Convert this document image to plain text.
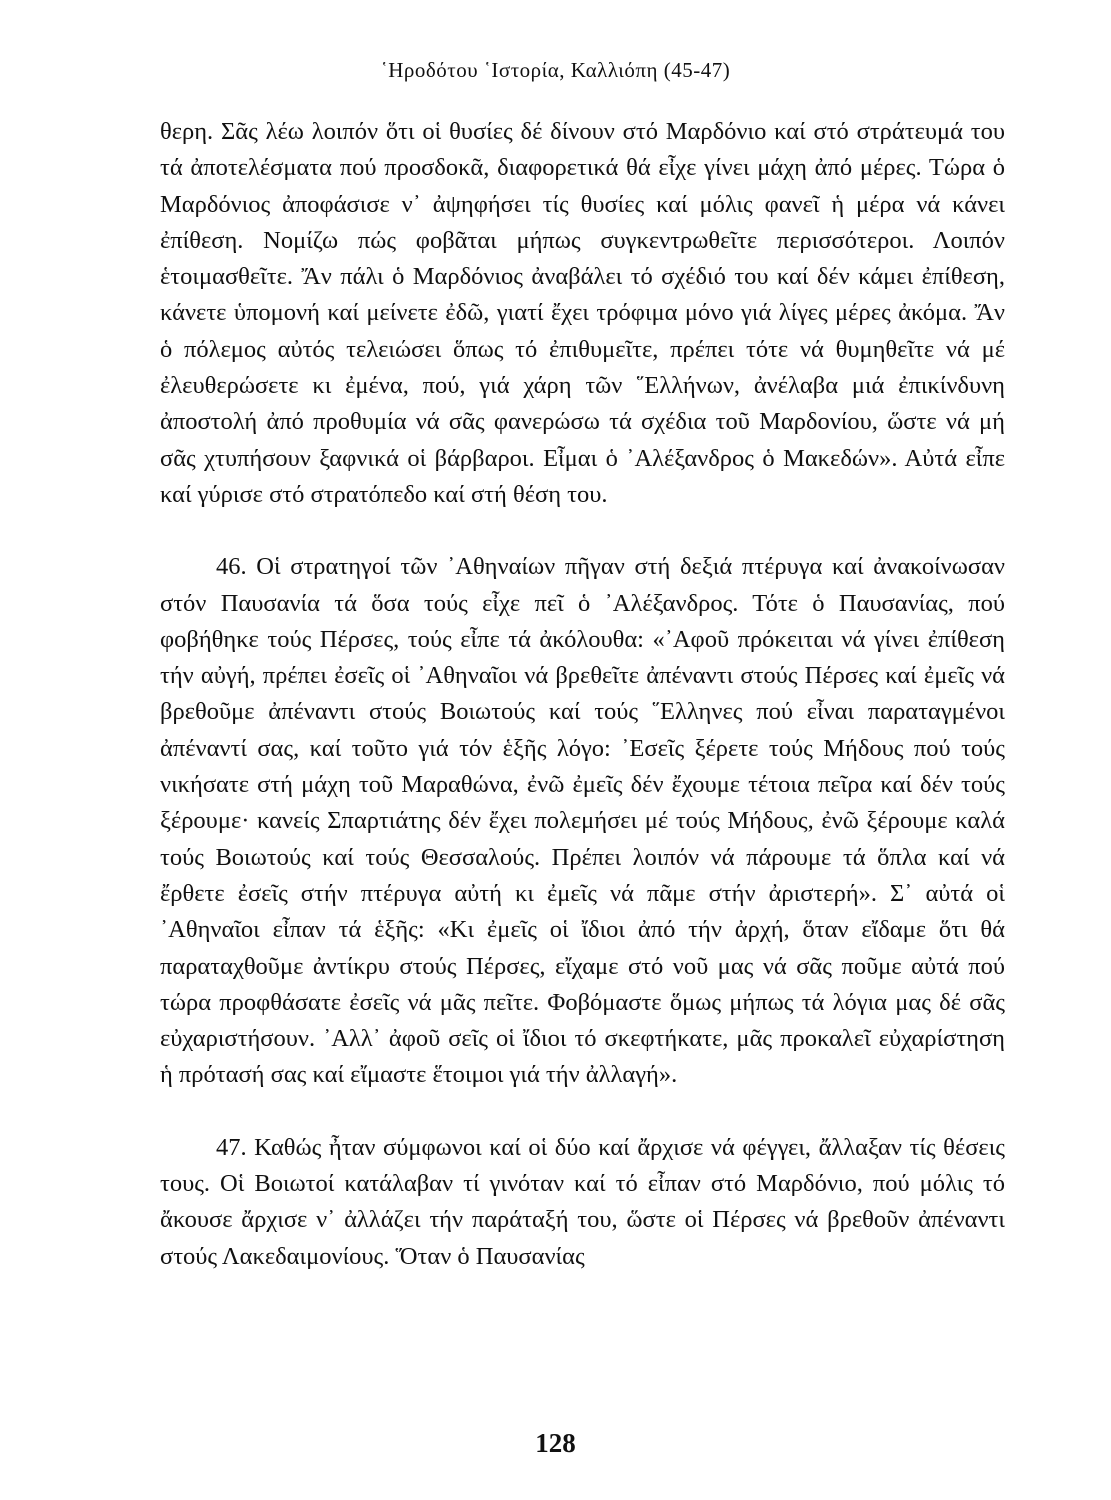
῾Ηροδότου ῾Ιστορία, Καλλιόπη (45-47)

θερη. Σᾶς λέω λοιπόν ὅτι οἱ θυσίες δέ δίνουν στό Μαρδόνιο καί στό στράτευμά του τά ἀποτελέσματα πού προσδοκᾶ, διαφορετικά θά εἶχε γίνει μάχη ἀπό μέρες. Τώρα ὁ Μαρδόνιος ἀποφάσισε ν᾽ ἀψηφήσει τίς θυσίες καί μόλις φανεῖ ἡ μέρα νά κάνει ἐπίθεση. Νομίζω πώς φοβᾶται μήπως συγκεντρωθεῖτε περισσότεροι. Λοιπόν ἑτοιμασθεῖτε. Ἄν πάλι ὁ Μαρδόνιος ἀναβάλει τό σχέδιό του καί δέν κάμει ἐπίθεση, κάνετε ὑπομονή καί μείνετε ἐδῶ, γιατί ἔχει τρόφιμα μόνο γιά λίγες μέρες ἀκόμα. Ἄν ὁ πόλεμος αὐτός τελειώσει ὅπως τό ἐπιθυμεῖτε, πρέπει τότε νά θυμηθεῖτε νά μέ ἐλευθερώσετε κι ἐμένα, πού, γιά χάρη τῶν ῞Ελλήνων, ἀνέλαβα μιά ἐπικίνδυνη ἀποστολή ἀπό προθυμία νά σᾶς φανερώσω τά σχέδια τοῦ Μαρδονίου, ὥστε νά μή σᾶς χτυπήσουν ξαφνικά οἱ βάρβαροι. Εἶμαι ὁ ᾿Αλέξανδρος ὁ Μακεδών». Αὐτά εἶπε καί γύρισε στό στρατόπεδο καί στή θέση του.

46. Οἱ στρατηγοί τῶν ᾿Αθηναίων πῆγαν στή δεξιά πτέρυγα καί ἀνακοίνωσαν στόν Παυσανία τά ὅσα τούς εἶχε πεῖ ὁ ᾿Αλέξανδρος. Τότε ὁ Παυσανίας, πού φοβήθηκε τούς Πέρσες, τούς εἶπε τά ἀκόλουθα: «᾿Αφοῦ πρόκειται νά γίνει ἐπίθεση τήν αὐγή, πρέπει ἐσεῖς οἱ ᾿Αθηναῖοι νά βρεθεῖτε ἀπέναντι στούς Πέρσες καί ἐμεῖς νά βρεθοῦμε ἀπέναντι στούς Βοιωτούς καί τούς ῞Ελληνες πού εἶναι παραταγμένοι ἀπέναντί σας, καί τοῦτο γιά τόν ἑξῆς λόγο: ᾿Εσεῖς ξέρετε τούς Μήδους πού τούς νικήσατε στή μάχη τοῦ Μαραθώνα, ἐνῶ ἐμεῖς δέν ἔχουμε τέτοια πεῖρα καί δέν τούς ξέρουμε· κανείς Σπαρτιάτης δέν ἔχει πολεμήσει μέ τούς Μήδους, ἐνῶ ξέρουμε καλά τούς Βοιωτούς καί τούς Θεσσαλούς. Πρέπει λοιπόν νά πάρουμε τά ὅπλα καί νά ἔρθετε ἐσεῖς στήν πτέρυγα αὐτή κι ἐμεῖς νά πᾶμε στήν ἀριστερή». Σ᾽ αὐτά οἱ ᾿Αθηναῖοι εἶπαν τά ἑξῆς: «Κι ἐμεῖς οἱ ἴδιοι ἀπό τήν ἀρχή, ὅταν εἴδαμε ὅτι θά παραταχθοῦμε ἀντίκρυ στούς Πέρσες, εἴχαμε στό νοῦ μας νά σᾶς ποῦμε αὐτά πού τώρα προφθάσατε ἐσεῖς νά μᾶς πεῖτε. Φοβόμαστε ὅμως μήπως τά λόγια μας δέ σᾶς εὐχαριστήσουν. ᾿Αλλ᾽ ἀφοῦ σεῖς οἱ ἴδιοι τό σκεφτήκατε, μᾶς προκαλεῖ εὐχαρίστηση ἡ πρότασή σας καί εἴμαστε ἕτοιμοι γιά τήν ἀλλαγή».

47. Καθώς ἦταν σύμφωνοι καί οἱ δύο καί ἄρχισε νά φέγγει, ἄλλαξαν τίς θέσεις τους. Οἱ Βοιωτοί κατάλαβαν τί γινόταν καί τό εἶπαν στό Μαρδόνιο, πού μόλις τό ἄκουσε ἄρχισε ν᾽ ἀλλάζει τήν παράταξή του, ὥστε οἱ Πέρσες νά βρεθοῦν ἀπέναντι στούς Λακεδαιμονίους. Ὅταν ὁ Παυσανίας

128
